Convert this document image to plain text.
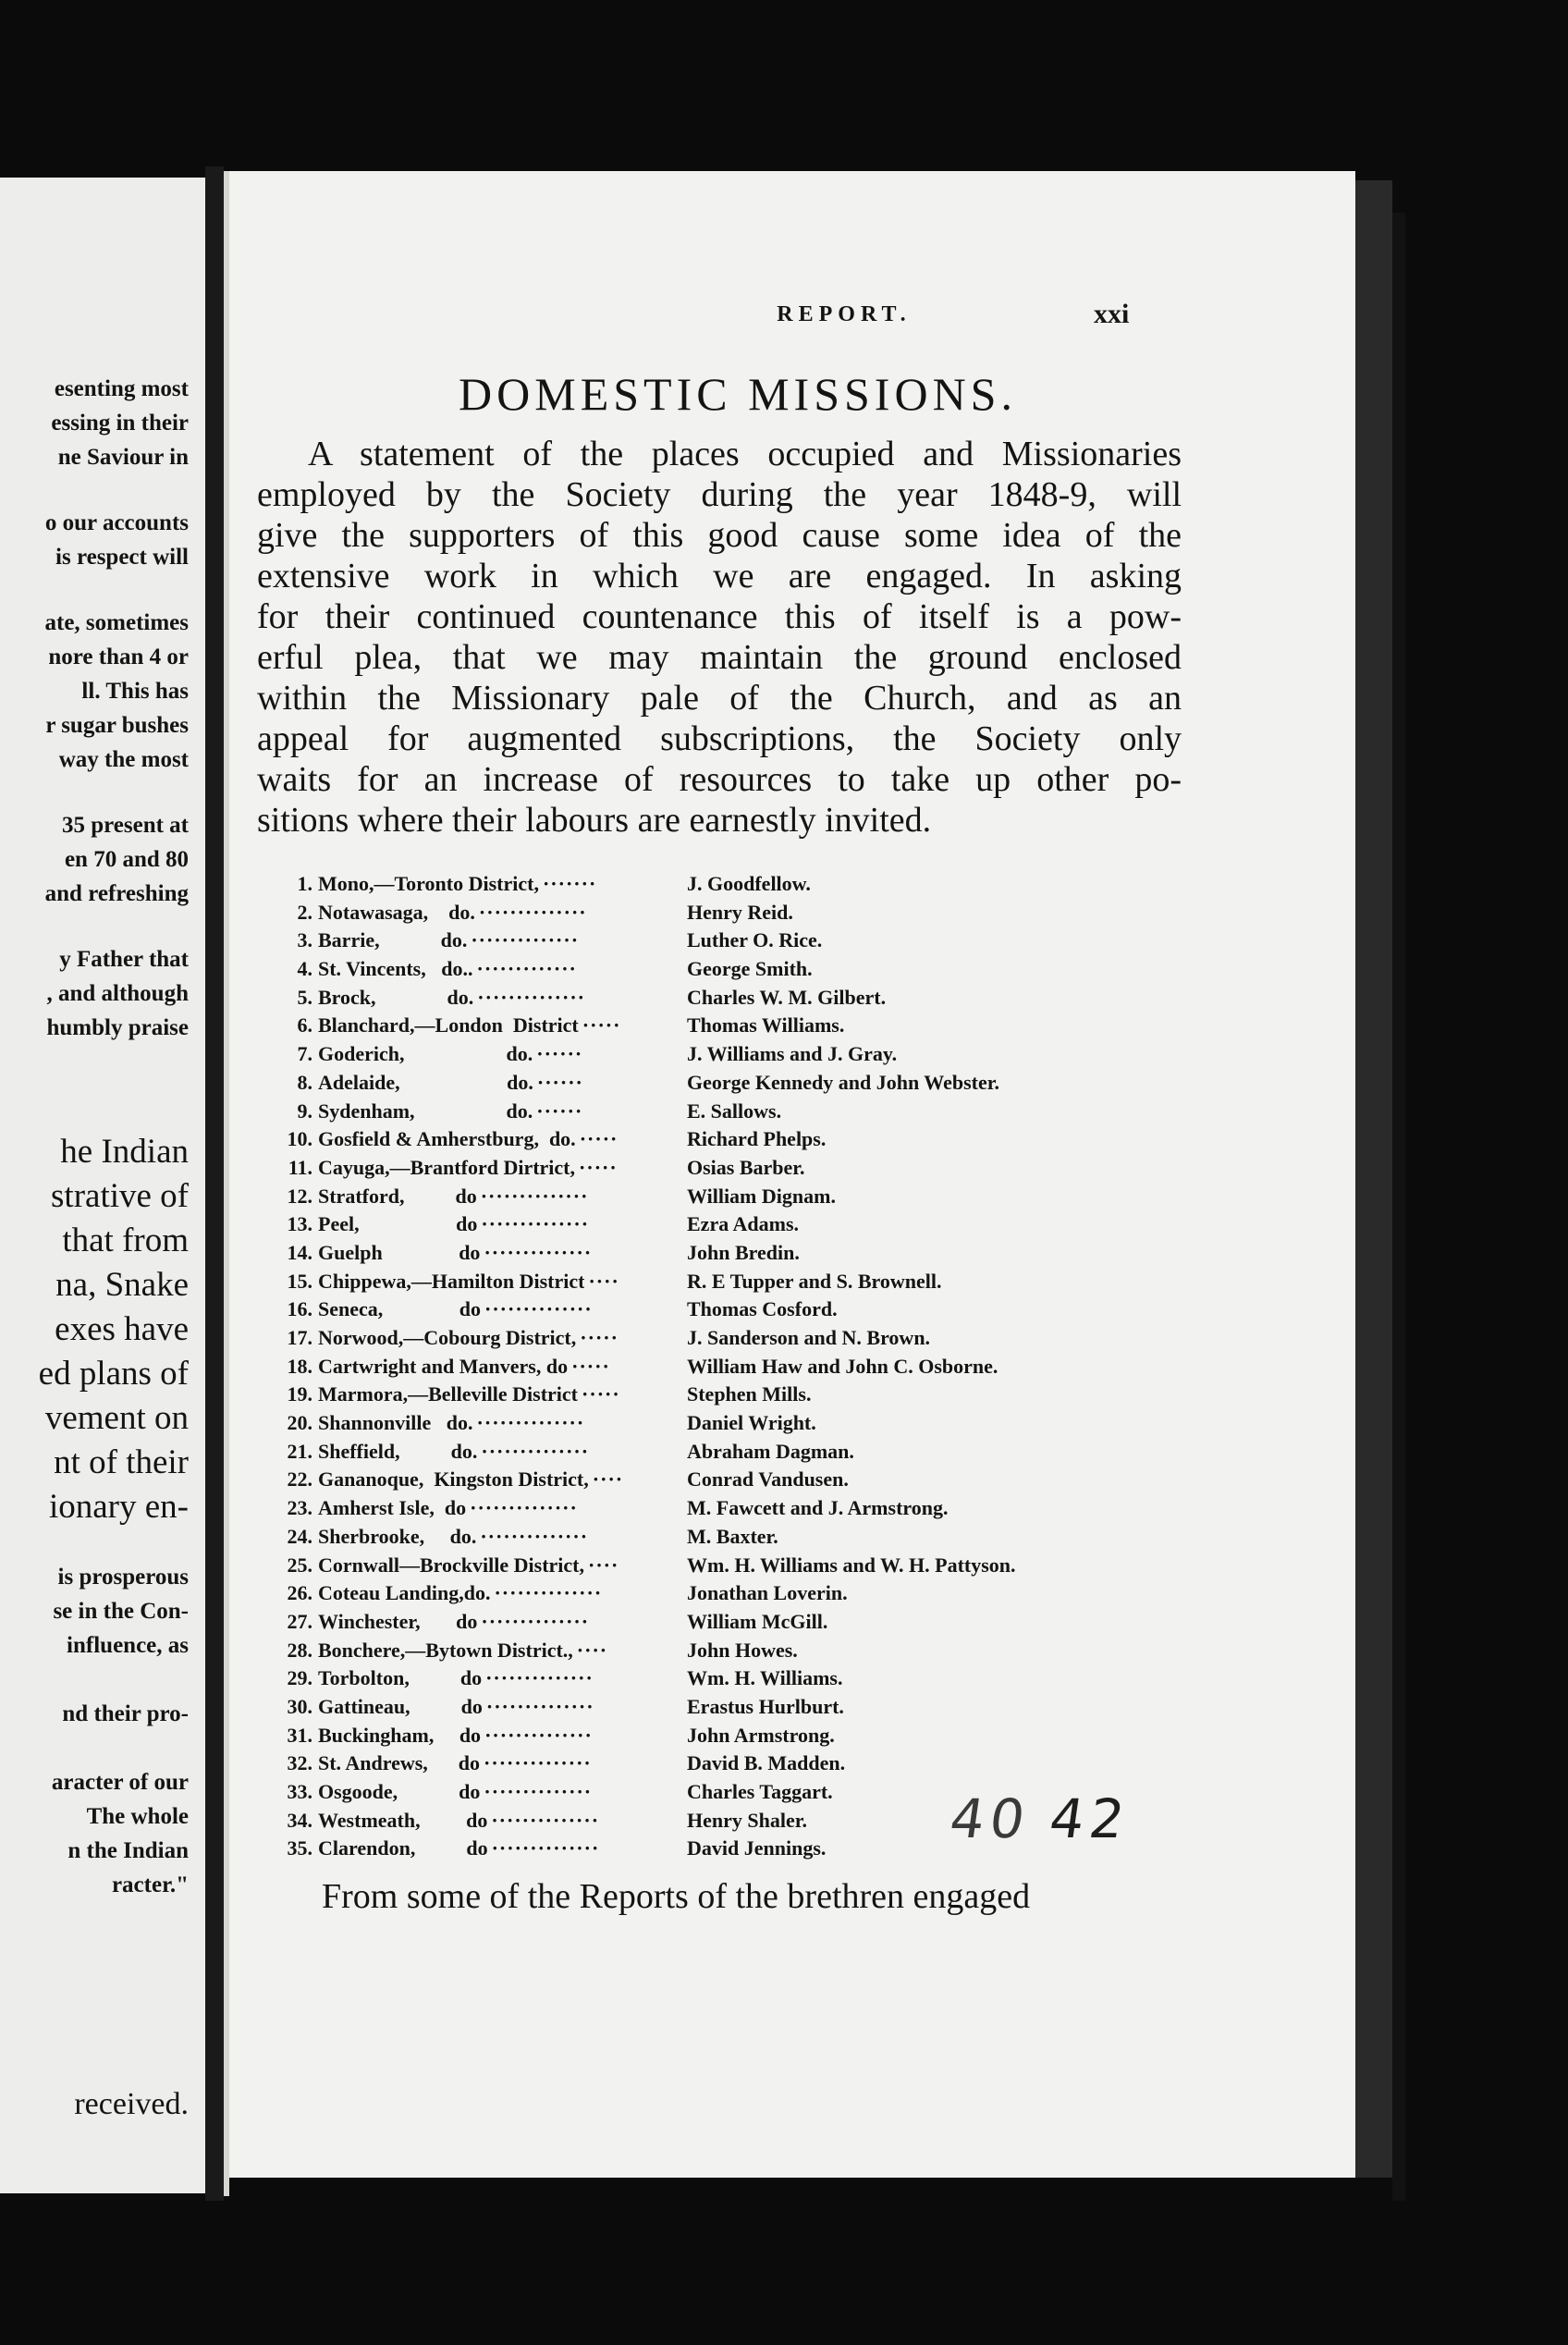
esenting most
essing in their
ne Saviour in
o our accounts
is respect will
ate, sometimes
nore than 4 or
ll. This has
r sugar bushes
way the most
35 present at
en 70 and 80
and refreshing
y Father that
, and although
humbly praise
he Indian
strative of
that from
na, Snake
exes have
ed plans of
vement on
nt of their
ionary en-
is prosperous
se in the Con-
influence, as
nd their pro-
aracter of our
The whole
n the Indian
racter."
received.
REPORT.	xxi
DOMESTIC MISSIONS.
A statement of the places occupied and Missionaries
employed by the Society during the year 1848-9, will
give the supporters of this good cause some idea of the
extensive work in which we are engaged. In asking
for their continued countenance this of itself is a pow-
erful plea, that we may maintain the ground enclosed
within the Missionary pale of the Church, and as an
appeal for augmented subscriptions, the Society only
waits for an increase of resources to take up other po-
sitions where their labours are earnestly invited.
1. Mono,—Toronto District, ·······	J. Goodfellow.
2. Notawasaga,    do. ··············	Henry Reid.
3. Barrie,            do. ··············	Luther O. Rice.
4. St. Vincents,   do.. ·············	George Smith.
5. Brock,              do. ··············	Charles W. M. Gilbert.
6. Blanchard,—London  District ·····	Thomas Williams.
7. Goderich,                    do. ······	J. Williams and J. Gray.
8. Adelaide,                     do. ······	George Kennedy and John Webster.
9. Sydenham,                  do. ······	E. Sallows.
10. Gosfield & Amherstburg,  do. ·····	Richard Phelps.
11. Cayuga,—Brantford Dirtrict, ·····	Osias Barber.
12. Stratford,          do ··············	William Dignam.
13. Peel,                   do ··············	Ezra Adams.
14. Guelph               do ··············	John Bredin.
15. Chippewa,—Hamilton District ····	R. E Tupper and S. Brownell.
16. Seneca,               do ··············	Thomas Cosford.
17. Norwood,—Cobourg District, ·····	J. Sanderson and N. Brown.
18. Cartwright and Manvers, do ·····	William Haw and John C. Osborne.
19. Marmora,—Belleville District ·····	Stephen Mills.
20. Shannonville   do. ··············	Daniel Wright.
21. Sheffield,          do. ··············	Abraham Dagman.
22. Gananoque,  Kingston District, ····	Conrad Vandusen.
23. Amherst Isle,  do ··············	M. Fawcett and J. Armstrong.
24. Sherbrooke,     do. ··············	M. Baxter.
25. Cornwall—Brockville District, ····	Wm. H. Williams and W. H. Pattyson.
26. Coteau Landing,do. ··············	Jonathan Loverin.
27. Winchester,       do ··············	William McGill.
28. Bonchere,—Bytown District., ····	John Howes.
29. Torbolton,          do ··············	Wm. H. Williams.
30. Gattineau,          do ··············	Erastus Hurlburt.
31. Buckingham,     do ··············	John Armstrong.
32. St. Andrews,      do ··············	David B. Madden.
33. Osgoode,            do ··············	Charles Taggart.
34. Westmeath,         do ··············	Henry Shaler.
35. Clarendon,          do ··············	David Jennings. 40 42
From some of the Reports of the brethren engaged
